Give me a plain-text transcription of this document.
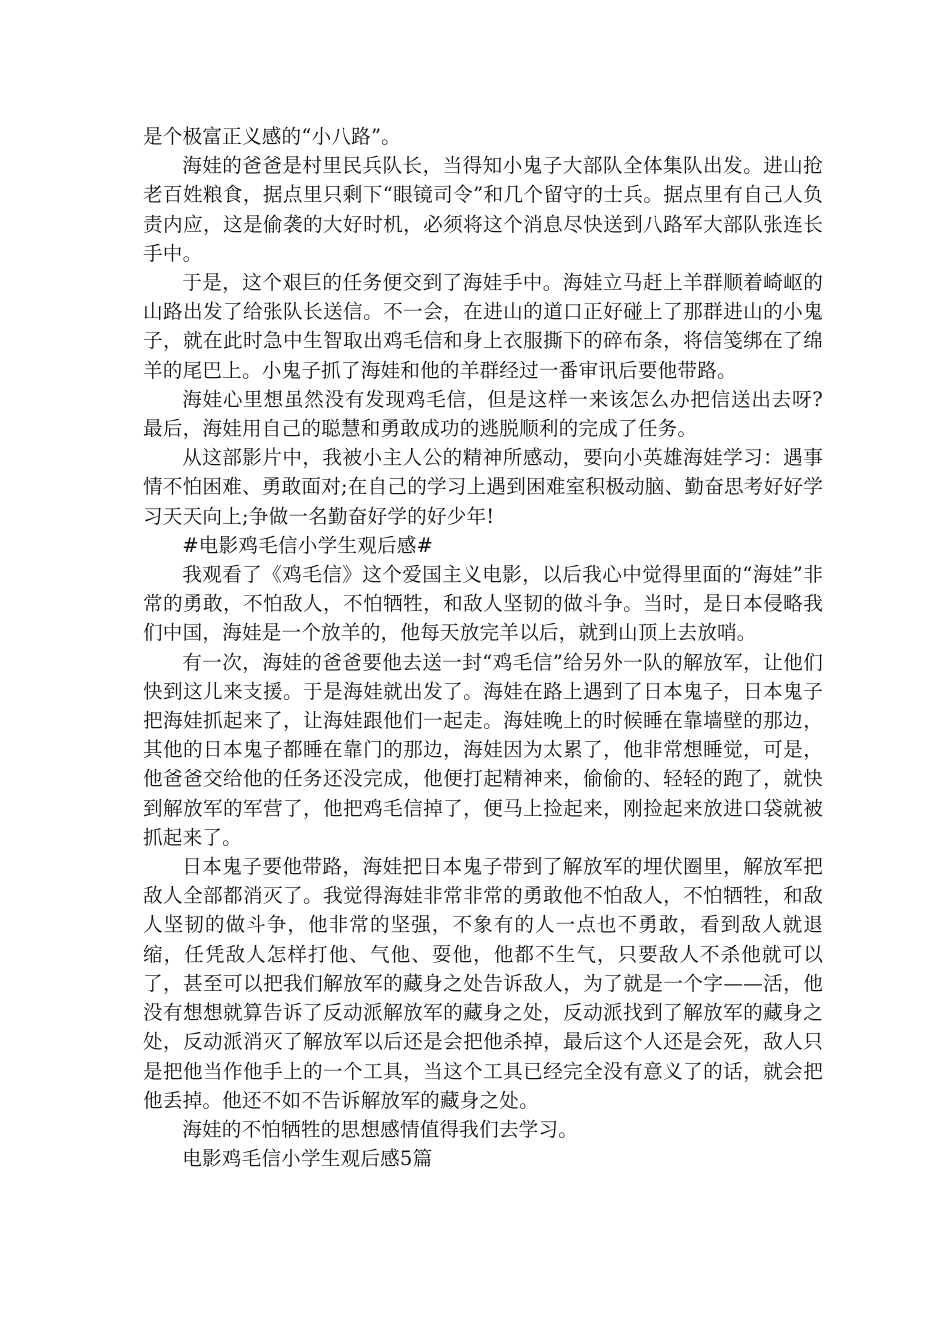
是个极富正义感的“小八路”。

海娃的爸爸是村里民兵队长，当得知小鬼子大部队全体集队出发。进山抢老百姓粮食，据点里只剩下“眼镜司令”和几个留守的士兵。据点里有自己人负责内应，这是偷袭的大好时机，必须将这个消息尽快送到八路军大部队张连长手中。

于是，这个艰巨的任务便交到了海娃手中。海娃立马赶上羊群顺着崎岖的山路出发了给张队长送信。不一会，在进山的道口正好碰上了那群进山的小鬼子，就在此时急中生智取出鸡毛信和身上衣服撕下的碎布条，将信笺绑在了绵羊的尾巴上。小鬼子抓了海娃和他的羊群经过一番审讯后要他带路。

海娃心里想虽然没有发现鸡毛信，但是这样一来该怎么办把信送出去呀?最后，海娃用自己的聪慧和勇敢成功的逃脱顺利的完成了任务。

从这部影片中，我被小主人公的精神所感动，要向小英雄海娃学习：遇事情不怕困难、勇敢面对;在自己的学习上遇到困难室积极动脑、勤奋思考好好学习天天向上;争做一名勤奋好学的好少年!

#电影鸡毛信小学生观后感#

我观看了《鸡毛信》这个爱国主义电影，以后我心中觉得里面的“海娃”非常的勇敢，不怕敌人，不怕牺牲，和敌人坚韧的做斗争。当时，是日本侵略我们中国，海娃是一个放羊的，他每天放完羊以后，就到山顶上去放哨。

有一次，海娃的爸爸要他去送一封“鸡毛信”给另外一队的解放军，让他们快到这儿来支援。于是海娃就出发了。海娃在路上遇到了日本鬼子，日本鬼子把海娃抓起来了，让海娃跟他们一起走。海娃晚上的时候睡在靠墙壁的那边，其他的日本鬼子都睡在靠门的那边，海娃因为太累了，他非常想睡觉，可是，他爸爸交给他的任务还没完成，他便打起精神来，偷偷的、轻轻的跑了，就快到解放军的军营了，他把鸡毛信掉了，便马上捡起来，刚捡起来放进口袋就被抓起来了。

日本鬼子要他带路，海娃把日本鬼子带到了解放军的埋伏圈里，解放军把敌人全部都消灭了。我觉得海娃非常非常的勇敢他不怕敌人，不怕牺牲，和敌人坚韧的做斗争，他非常的坚强，不象有的人一点也不勇敢，看到敌人就退缩，任凭敌人怎样打他、气他、耍他，他都不生气，只要敌人不杀他就可以了，甚至可以把我们解放军的藏身之处告诉敌人，为了就是一个字——活，他没有想想就算告诉了反动派解放军的藏身之处，反动派找到了解放军的藏身之处，反动派消灭了解放军以后还是会把他杀掉，最后这个人还是会死，敌人只是把他当作他手上的一个工具，当这个工具已经完全没有意义了的话，就会把他丢掉。他还不如不告诉解放军的藏身之处。

海娃的不怕牺牲的思想感情值得我们去学习。

电影鸡毛信小学生观后感5篇
